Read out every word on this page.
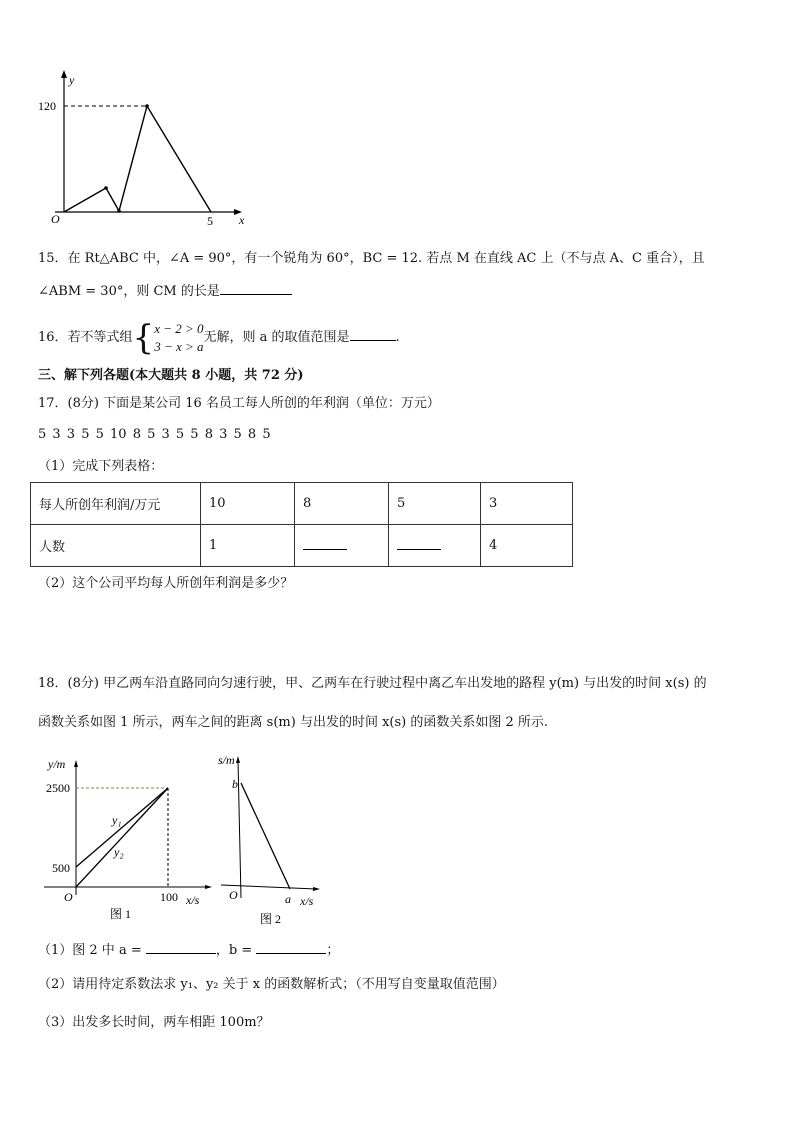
y
x
O
120
5
y/m
2500
500
O	100 x/s
y₁
y₂
图 1
s/m
b
O	a x/s
图 2
15．在 Rt△ABC 中，∠A = 90°，有一个锐角为 60°，BC = 12. 若点 M 在直线 AC 上（不与点 A、C 重合），且
∠ABM = 30°，则 CM 的长是
16．若不等式组{x − 2 > 0
3 − x > a无解，则 a 的取值范围是	.
三、解下列各题(本大题共 8 小题，共 72 分)
17．(8分) 下面是某公司 16 名员工每人所创的年利润（单位：万元）
5 3 3 5 5 10 8 5 3 5 5 8 3 5 8 5
（1）完成下列表格：
每人所创年利润/万元	10	8	5	3
人数	1			4
（2）这个公司平均每人所创年利润是多少？
18．(8分) 甲乙两车沿直路同向匀速行驶，甲、乙两车在行驶过程中离乙车出发地的路程 y(m) 与出发的时间 x(s) 的
函数关系如图 1 所示，两车之间的距离 s(m) 与出发的时间 x(s) 的函数关系如图 2 所示.
（1）图 2 中 a =	，b =	；
（2）请用待定系数法求 y₁、y₂ 关于 x 的函数解析式；（不用写自变量取值范围）
（3）出发多长时间，两车相距 100m？
